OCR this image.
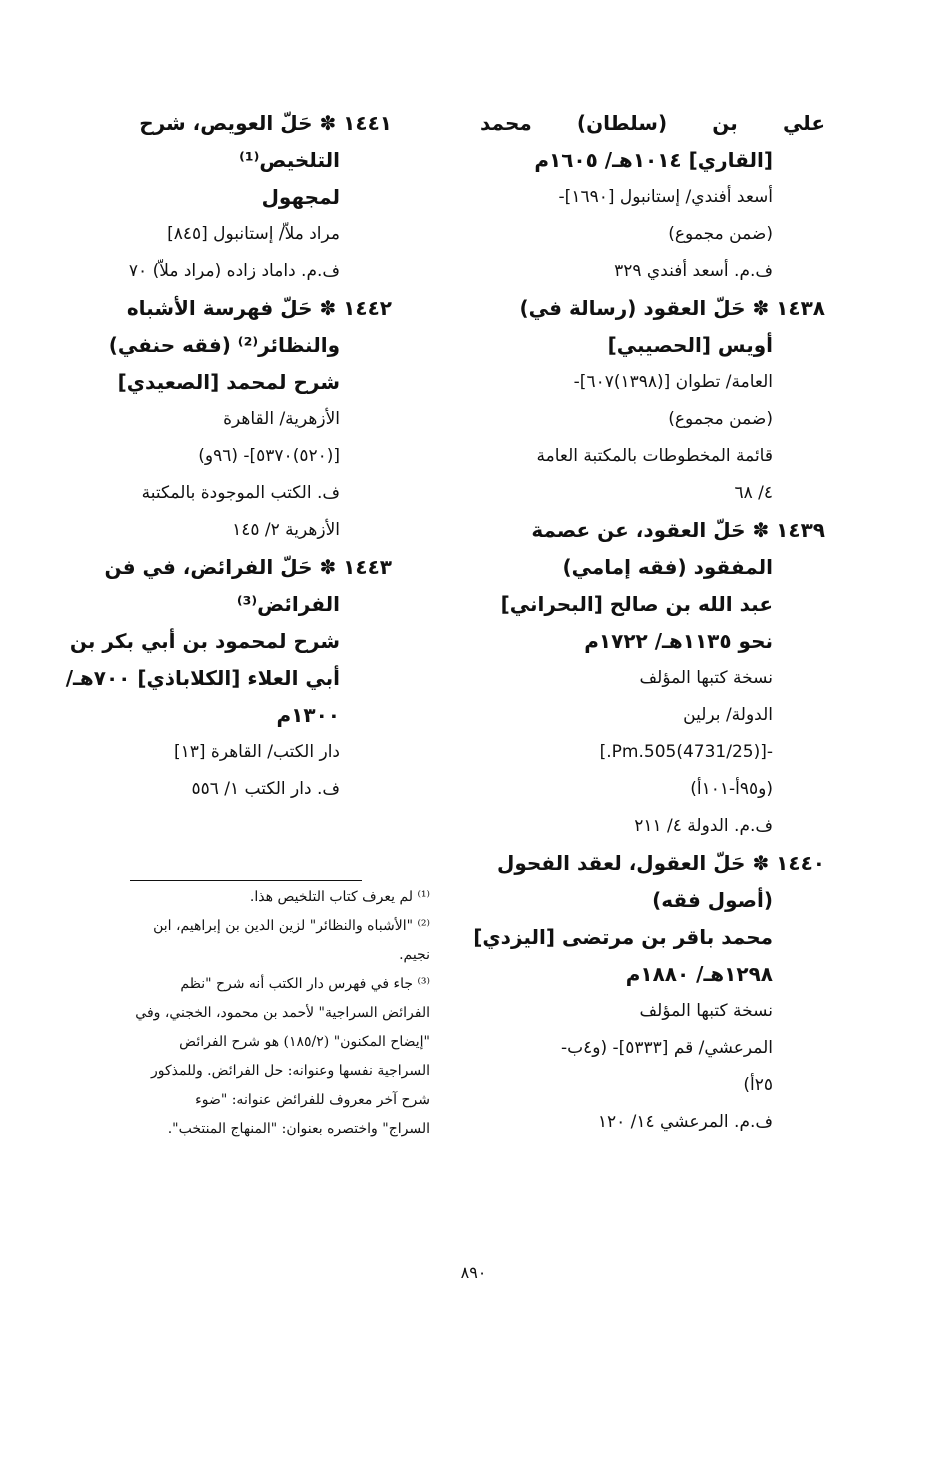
علي بن (سلطان) محمد
[القاري] ١٠١٤هـ/ ١٦٠٥م
أسعد أفندي/ إستانبول [١٦٩٠]-
(ضمن مجموع)
ف.م. أسعد أفندي ٣٢٩
١٤٣٨ ✽ حَلّ العقود (رسالة في)
أويس [الحصيبي]
العامة/ تطوان [(١٣٩٨)٦٠٧]-
(ضمن مجموع)
قائمة المخطوطات بالمكتبة العامة
٤/ ٦٨
١٤٣٩ ✽ حَلّ العقود، عن عصمة
المفقود (فقه إمامي)
عبد الله بن صالح [البحراني]
نحو ١١٣٥هـ/ ١٧٢٢م
نسخة كتبها المؤلف
الدولة/ برلين
-[(4731/25)Pm.505.]
(و٩٥أ-١٠١أ)
ف.م. الدولة ٤/ ٢١١
١٤٤٠ ✽ حَلّ العقول، لعقد الفحول
(أصول فقه)
محمد باقر بن مرتضى [اليزدي]
١٢٩٨هـ/ ١٨٨٠م
نسخة كتبها المؤلف
المرعشي/ قم [٥٣٣٣]- (و٤ب-
٢٥أ)
ف.م. المرعشي ١٤/ ١٢٠
١٤٤١ ✽ حَلّ العويص، شرح
التلخيص⁽¹⁾
لمجهول
مراد ملاّ/ إستانبول [٨٤٥]
ف.م. داماد زاده (مراد ملاّ) ٧٠
١٤٤٢ ✽ حَلّ فهرسة الأشباه
والنظائر⁽²⁾ (فقه حنفي)
شرح لمحمد [الصعيدي]
الأزهرية/ القاهرة
[(٥٢٠)٥٣٧٠]- (٩٦و)
ف. الكتب الموجودة بالمكتبة
الأزهرية ٢/ ١٤٥
١٤٤٣ ✽ حَلّ الفرائض، في فن
الفرائض⁽³⁾
شرح لمحمود بن أبي بكر بن
أبي العلاء [الكلاباذي] ٧٠٠هـ/
١٣٠٠م
دار الكتب/ القاهرة [١٣]
ف. دار الكتب ١/ ٥٥٦
⁽¹⁾ لم يعرف كتاب التلخيص هذا.
⁽²⁾ "الأشباه والنظائر" لزين الدين بن إبراهيم، ابن
نجيم.
⁽³⁾ جاء في فهرس دار الكتب أنه شرح "نظم
الفرائض السراجية" لأحمد بن محمود، الخجني، وفي
"إيضاح المكنون" (١٨٥/٢) هو شرح الفرائض
السراجية نفسها وعنوانه: حل الفرائض. وللمذكور
شرح آخر معروف للفرائض عنوانه: "ضوء
السراج" واختصره بعنوان: "المنهاج المنتخب".
٨٩٠
